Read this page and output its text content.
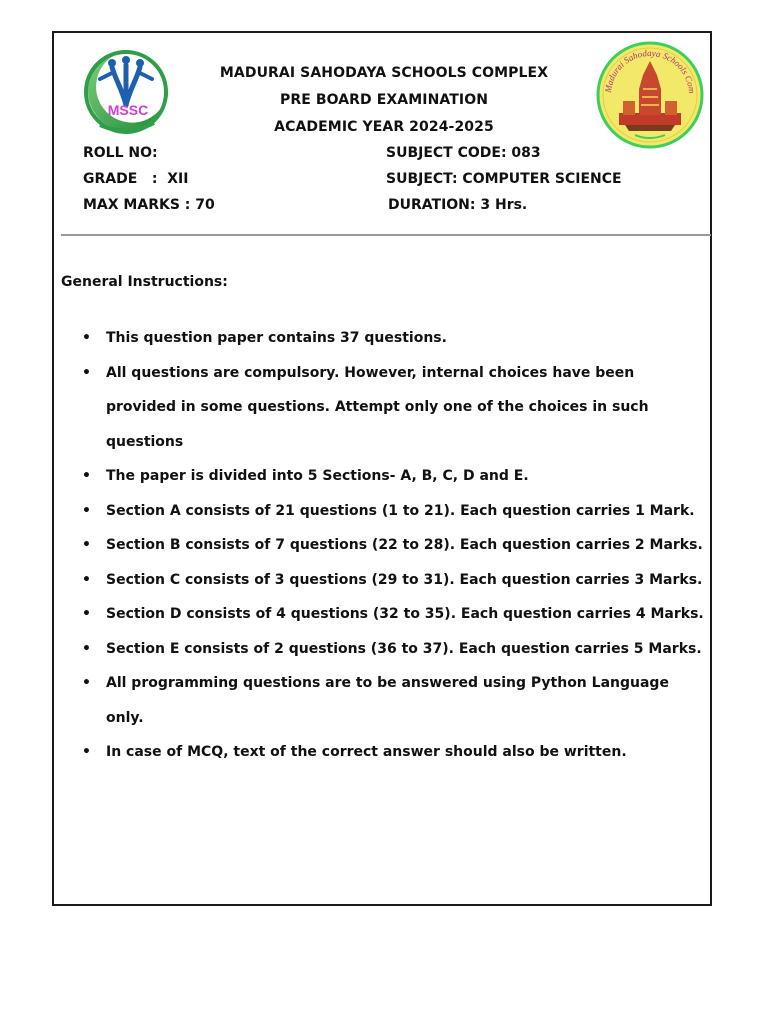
MSSC
Madurai Sahodaya Schools Com
MADURAI SAHODAYA SCHOOLS COMPLEX
PRE BOARD EXAMINATION
ACADEMIC YEAR 2024-2025
ROLL NO:
GRADE   :  XII
MAX MARKS : 70
SUBJECT CODE: 083
SUBJECT: COMPUTER SCIENCE
DURATION: 3 Hrs.
General Instructions:
• This question paper contains 37 questions.
• All questions are compulsory. However, internal choices have been provided in some questions. Attempt only one of the choices in such questions
• The paper is divided into 5 Sections- A, B, C, D and E.
• Section A consists of 21 questions (1 to 21). Each question carries 1 Mark.
• Section B consists of 7 questions (22 to 28). Each question carries 2 Marks.
• Section C consists of 3 questions (29 to 31). Each question carries 3 Marks.
• Section D consists of 4 questions (32 to 35). Each question carries 4 Marks.
• Section E consists of 2 questions (36 to 37). Each question carries 5 Marks.
• All programming questions are to be answered using Python Language only.
• In case of MCQ, text of the correct answer should also be written.
